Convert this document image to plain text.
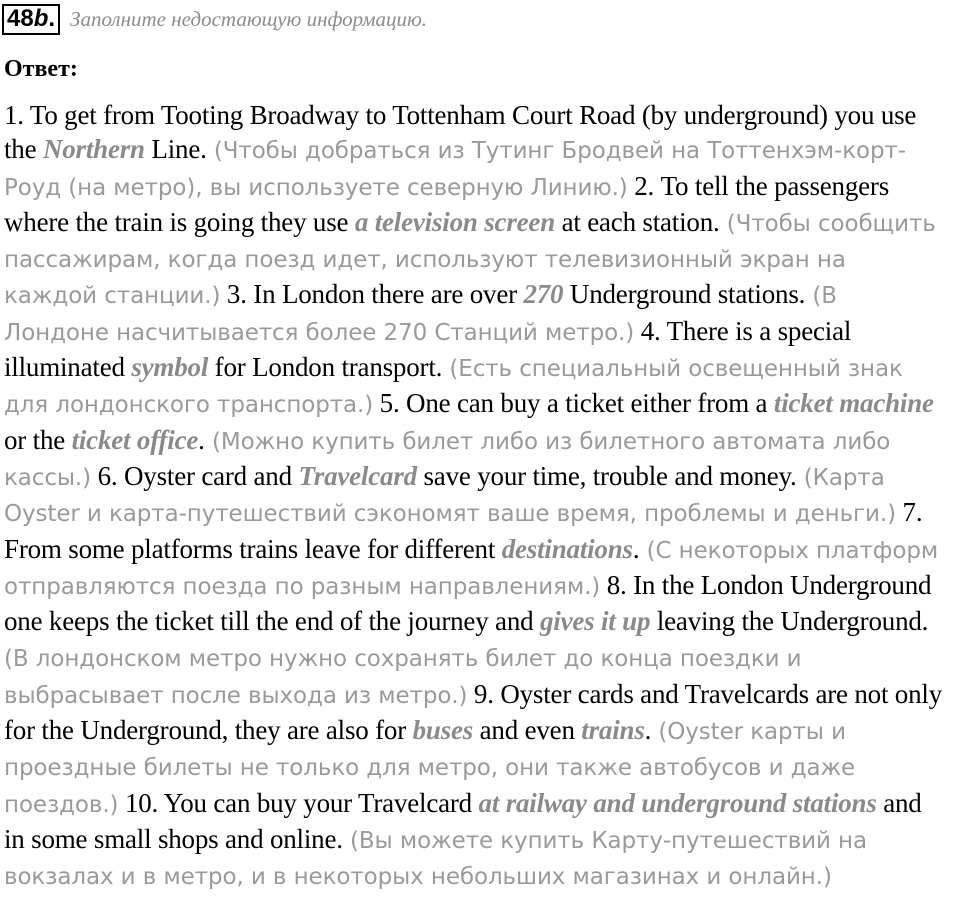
48b. Заполните недостающую информацию.
Ответ:
1. To get from Tooting Broadway to Tottenham Court Road (by underground) you use the Northern Line. (Чтобы добраться из Тутинг Бродвей на Тоттенхэм-корт-Роуд (на метро), вы используете северную Линию.) 2. To tell the passengers where the train is going they use a television screen at each station. (Чтобы сообщить пассажирам, когда поезд идет, используют телевизионный экран на каждой станции.) 3. In London there are over 270 Underground stations. (В Лондоне насчитывается более 270 Станций метро.) 4. There is a special illuminated symbol for London transport. (Есть специальный освещенный знак для лондонского транспорта.) 5. One can buy a ticket either from a ticket machine or the ticket office. (Можно купить билет либо из билетного автомата либо кассы.) 6. Oyster card and Travelcard save your time, trouble and money. (Карта Oyster и карта-путешествий сэкономят ваше время, проблемы и деньги.) 7. From some platforms trains leave for different destinations. (С некоторых платформ отправляются поезда по разным направлениям.) 8. In the London Underground one keeps the ticket till the end of the journey and gives it up leaving the Underground. (В лондонском метро нужно сохранять билет до конца поездки и выбрасывает после выхода из метро.) 9. Oyster cards and Travelcards are not only for the Underground, they are also for buses and even trains. (Oyster карты и проездные билеты не только для метро, они также автобусов и даже поездов.) 10. You can buy your Travelcard at railway and underground stations and in some small shops and online. (Вы можете купить Карту-путешествий на вокзалах и в метро, и в некоторых небольших магазинах и онлайн.)
